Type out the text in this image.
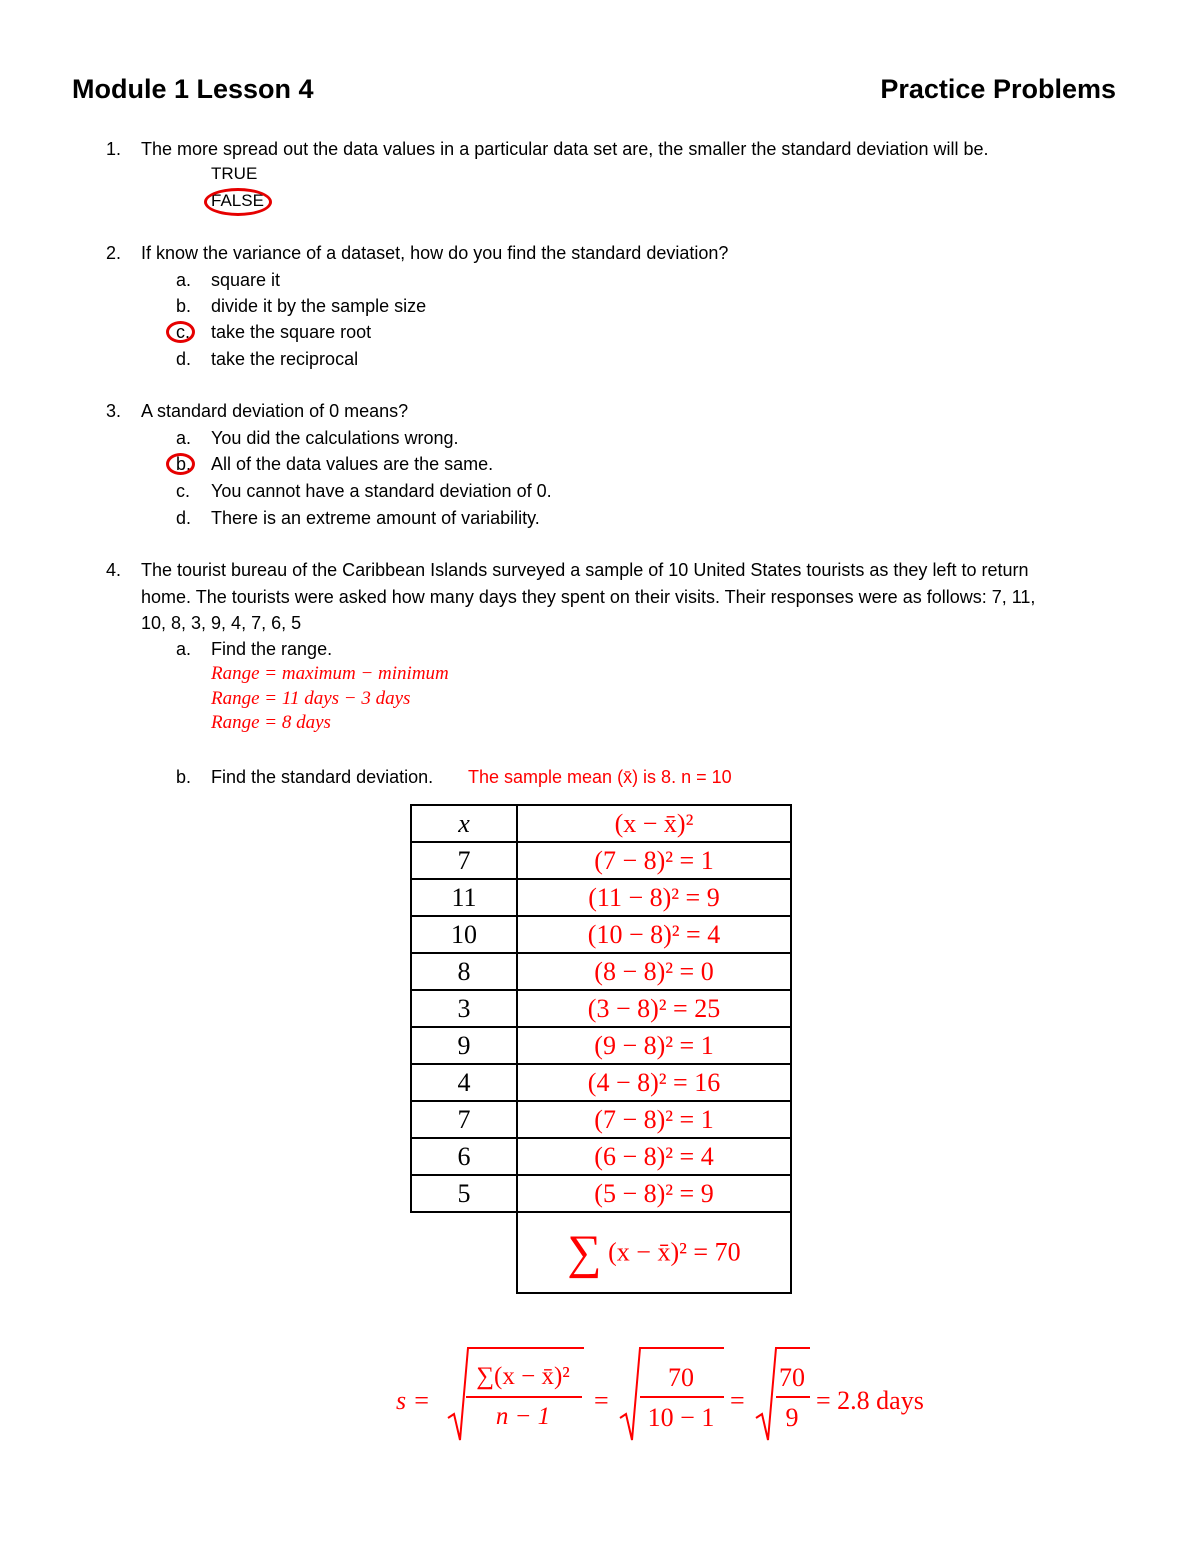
Module 1 Lesson 4	Practice Problems
1. The more spread out the data values in a particular data set are, the smaller the standard deviation will be.
TRUE
FALSE
2. If know the variance of a dataset, how do you find the standard deviation?
a. square it
b. divide it by the sample size
c. take the square root
d. take the reciprocal
3. A standard deviation of 0 means?
a. You did the calculations wrong.
b. All of the data values are the same.
c. You cannot have a standard deviation of 0.
d. There is an extreme amount of variability.
4. The tourist bureau of the Caribbean Islands surveyed a sample of 10 United States tourists as they left to return
home. The tourists were asked how many days they spent on their visits. Their responses were as follows: 7, 11,
10, 8, 3, 9, 4, 7, 6, 5
a. Find the range.
Range = maximum − minimum
Range = 11 days − 3 days
Range = 8 days
b. Find the standard deviation. The sample mean (x̄) is 8. n = 10
x	(x − x̄)²
7	(7 − 8)² = 1
11	(11 − 8)² = 9
10	(10 − 8)² = 4
8	(8 − 8)² = 0
3	(3 − 8)² = 25
9	(9 − 8)² = 1
4	(4 − 8)² = 16
7	(7 − 8)² = 1
6	(6 − 8)² = 4
5	(5 − 8)² = 9
	∑ (x − x̄)² = 70
s =
∑(x − x̄)²
n − 1
=
70
10 − 1
=
70
9
= 2.8 days
